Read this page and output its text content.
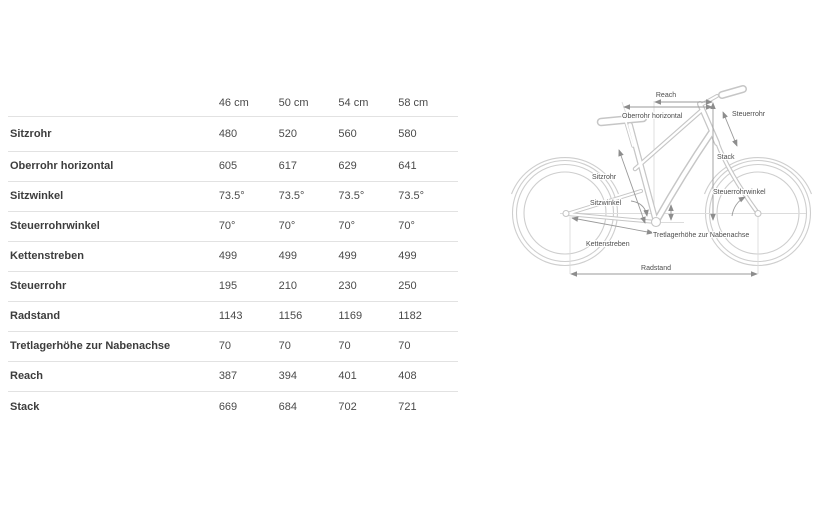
46 cm	50 cm	54 cm	58 cm
Sitzrohr	480	520	560	580
Oberrohr horizontal	605	617	629	641
Sitzwinkel	73.5°	73.5°	73.5°	73.5°
Steuerrohrwinkel	70°	70°	70°	70°
Kettenstreben	499	499	499	499
Steuerrohr	195	210	230	250
Radstand	1143	1156	1169	1182
Tretlagerhöhe zur Nabenachse	70	70	70	70
Reach	387	394	401	408
Stack	669	684	702	721
Reach
Oberrohr horizontal	Steuerrohr
Stack
Steuerrohrwinkel
Sitzrohr
Sitzwinkel
Kettenstreben
Tretlagerhöhe zur Nabenachse
Radstand
